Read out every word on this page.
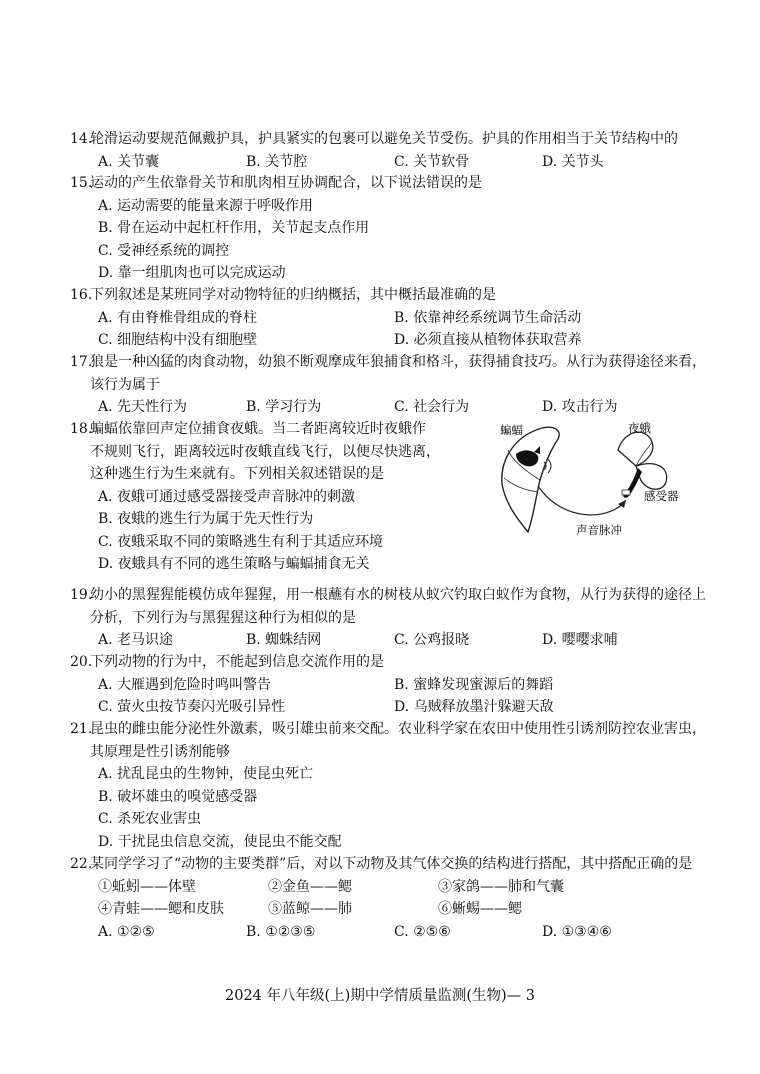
14.轮滑运动要规范佩戴护具，护具紧实的包裹可以避免关节受伤。护具的作用相当于关节结构中的
A. 关节囊	B. 关节腔	C. 关节软骨	D. 关节头
15.运动的产生依靠骨关节和肌肉相互协调配合，以下说法错误的是
A. 运动需要的能量来源于呼吸作用
B. 骨在运动中起杠杆作用，关节起支点作用
C. 受神经系统的调控
D. 靠一组肌肉也可以完成运动
16.下列叙述是某班同学对动物特征的归纳概括，其中概括最准确的是
A. 有由脊椎骨组成的脊柱	B. 依靠神经系统调节生命活动
C. 细胞结构中没有细胞壁	D. 必须直接从植物体获取营养
17.狼是一种凶猛的肉食动物，幼狼不断观摩成年狼捕食和格斗，获得捕食技巧。从行为获得途径来看，该行为属于
A. 先天性行为	B. 学习行为	C. 社会行为	D. 攻击行为
18.蝙蝠依靠回声定位捕食夜蛾。当二者距离较近时夜蛾作
不规则飞行，距离较远时夜蛾直线飞行，以便尽快逃离，
这种逃生行为生来就有。下列相关叙述错误的是
A. 夜蛾可通过感受器接受声音脉冲的刺激
B. 夜蛾的逃生行为属于先天性行为
C. 夜蛾采取不同的策略逃生有利于其适应环境
D. 夜蛾具有不同的逃生策略与蝙蝠捕食无关
蝙蝠	夜蛾
感受器
声音脉冲
19.幼小的黑猩猩能模仿成年猩猩，用一根蘸有水的树枝从蚁穴钓取白蚁作为食物，从行为获得的途径上分析，下列行为与黑猩猩这种行为相似的是
A. 老马识途	B. 蜘蛛结网	C. 公鸡报晓	D. 嘤嘤求哺
20.下列动物的行为中，不能起到信息交流作用的是
A. 大雁遇到危险时鸣叫警告	B. 蜜蜂发现蜜源后的舞蹈
C. 萤火虫按节奏闪光吸引异性	D. 乌贼释放墨汁躲避天敌
21.昆虫的雌虫能分泌性外激素，吸引雄虫前来交配。农业科学家在农田中使用性引诱剂防控农业害虫，其原理是性引诱剂能够
A. 扰乱昆虫的生物钟，使昆虫死亡
B. 破坏雄虫的嗅觉感受器
C. 杀死农业害虫
D. 干扰昆虫信息交流，使昆虫不能交配
22.某同学学习了“动物的主要类群”后，对以下动物及其气体交换的结构进行搭配，其中搭配正确的是
①蚯蚓——体壁	②金鱼——鳃	③家鸽——肺和气囊
④青蛙——鳃和皮肤	⑤蓝鲸——肺	⑥蜥蜴——鳃
A. ①②⑤	B. ①②③⑤	C. ②⑤⑥	D. ①③④⑥
2024 年八年级(上)期中学情质量监测(生物)— 3
